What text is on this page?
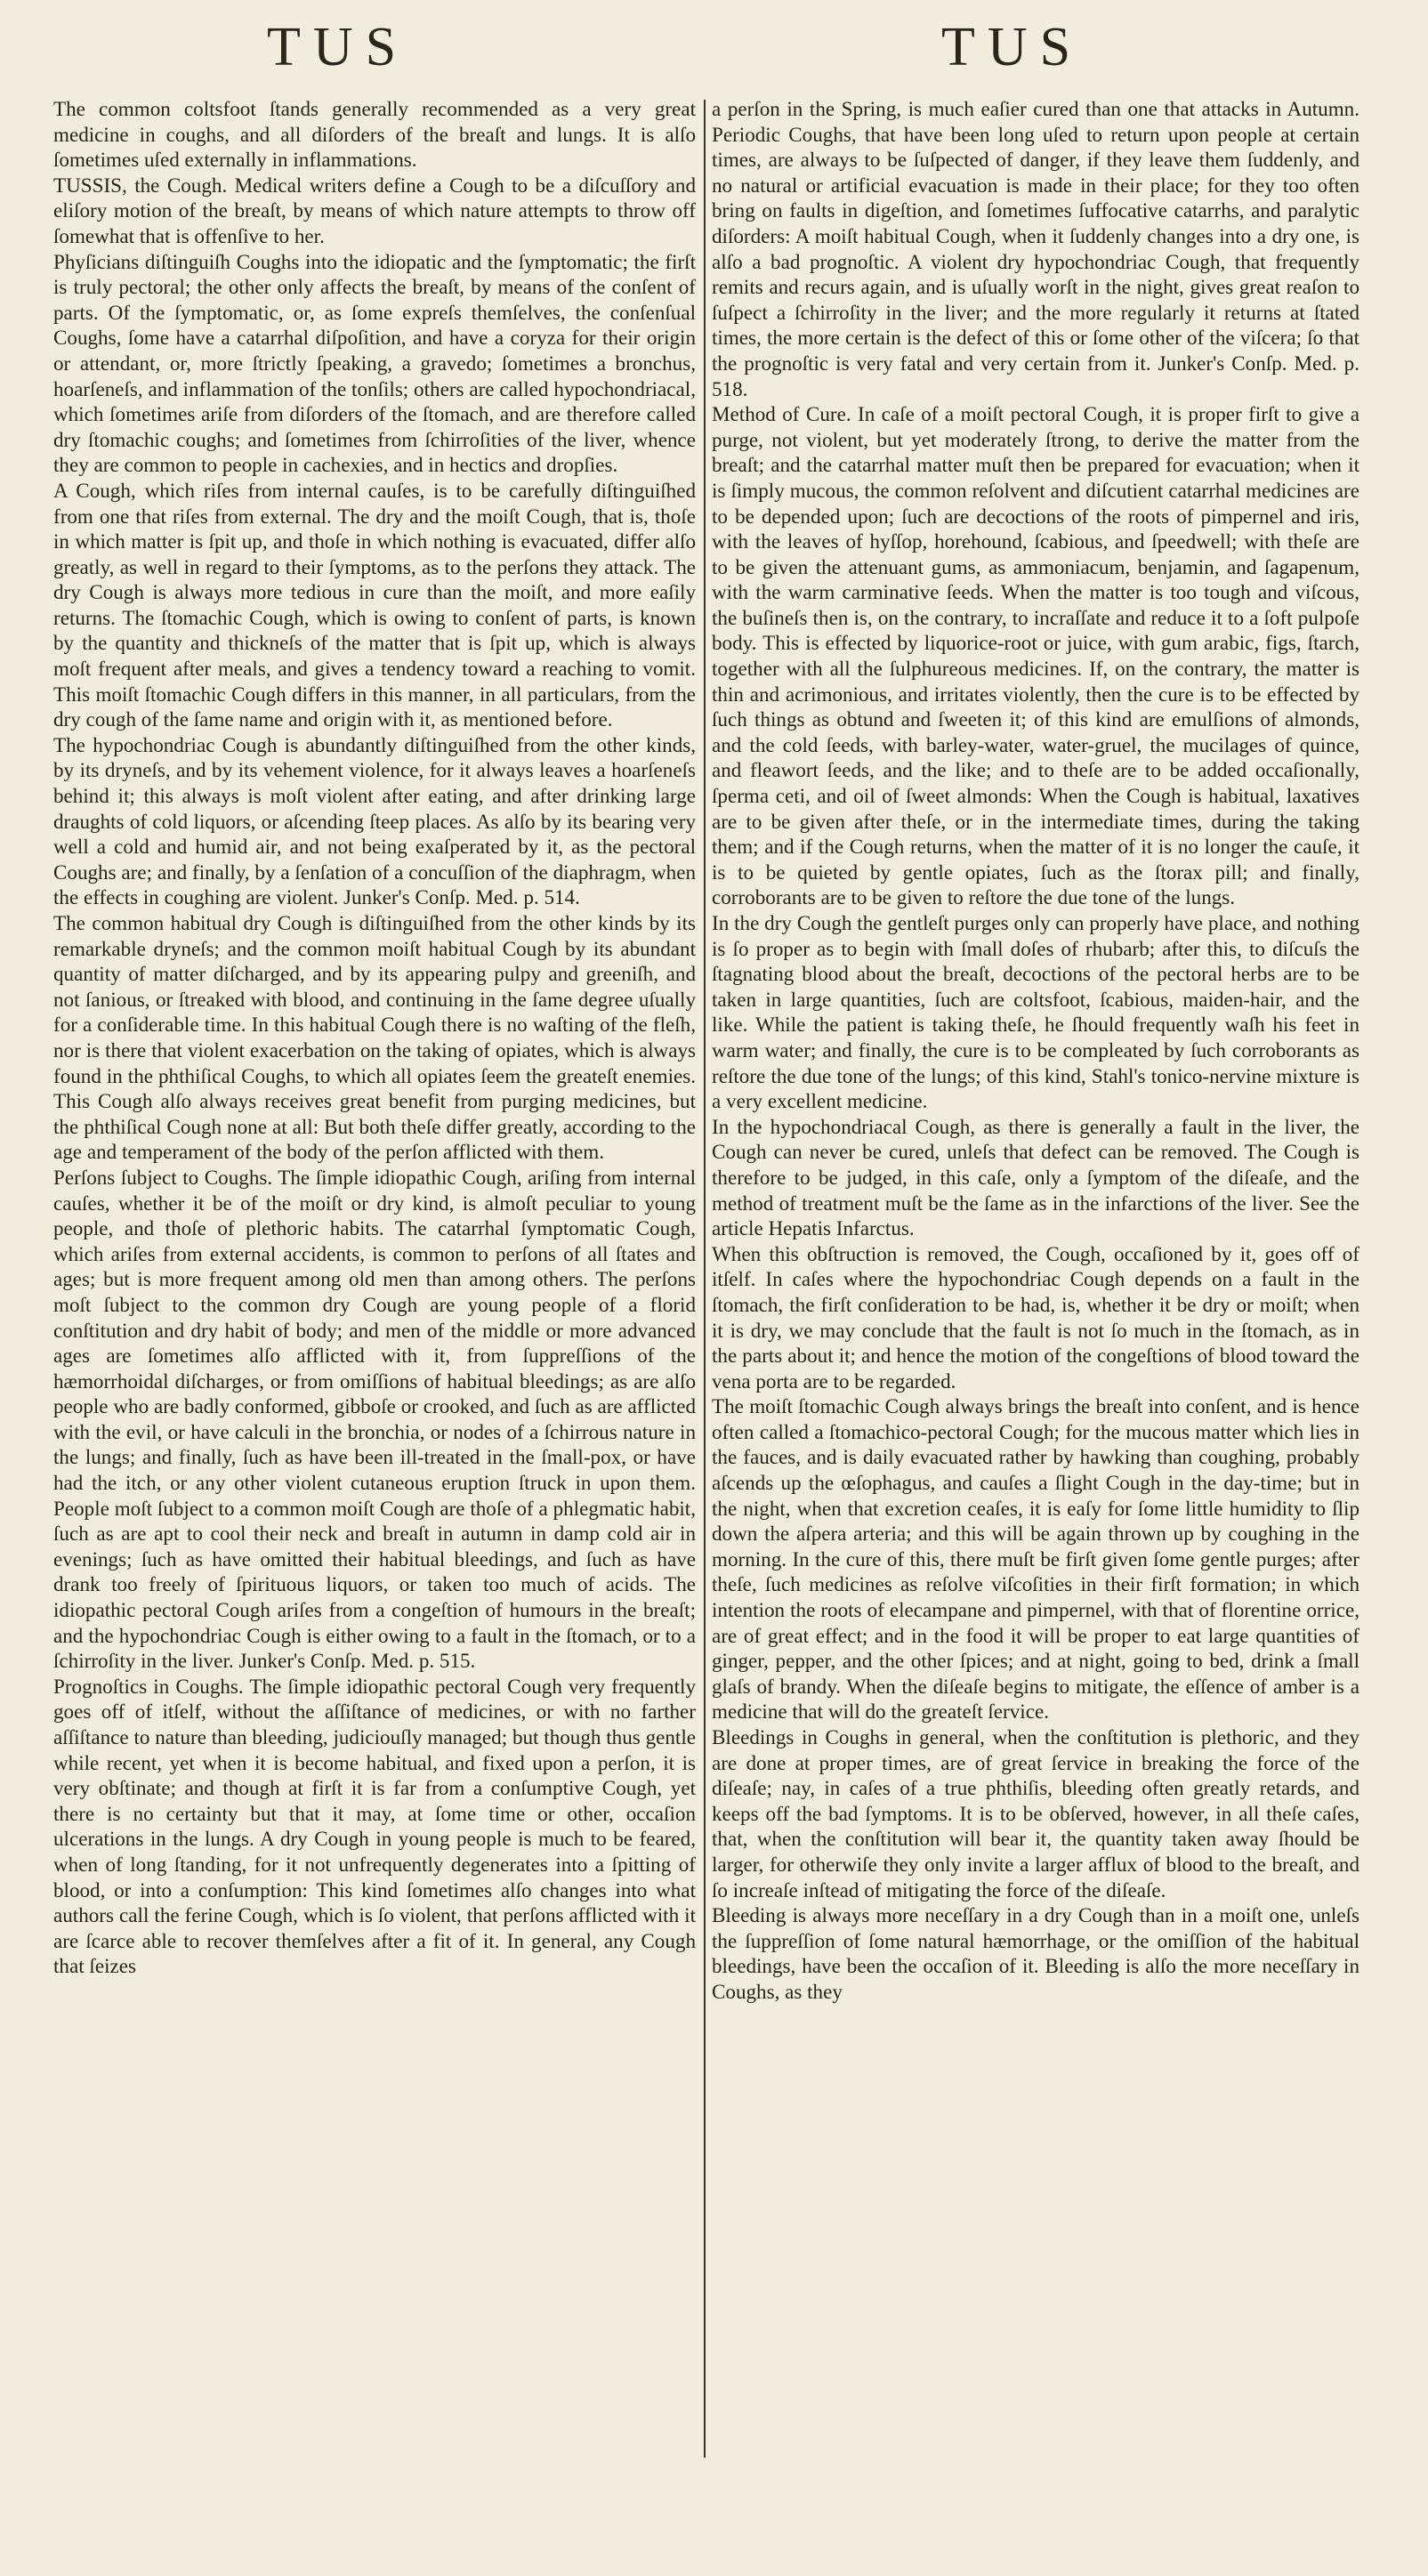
TUS	TUS

The common coltsfoot ſtands generally recommended as a very great medicine in coughs, and all diſorders of the breaſt and lungs. It is alſo ſometimes uſed externally in inflammations.

TUSSIS, the Cough. Medical writers define a Cough to be a diſcuſſory and eliſory motion of the breaſt, by means of which nature attempts to throw off ſomewhat that is offenſive to her.

Phyſicians diſtinguiſh Coughs into the idiopatic and the ſymptomatic; the firſt is truly pectoral; the other only affects the breaſt, by means of the conſent of parts. Of the ſymptomatic, or, as ſome expreſs themſelves, the conſenſual Coughs, ſome have a catarrhal diſpoſition, and have a coryza for their origin or attendant, or, more ſtrictly ſpeaking, a gravedo; ſometimes a bronchus, hoarſeneſs, and inflammation of the tonſils; others are called hypochondriacal, which ſometimes ariſe from diſorders of the ſtomach, and are therefore called dry ſtomachic coughs; and ſometimes from ſchirroſities of the liver, whence they are common to people in cachexies, and in hectics and dropſies.

A Cough, which riſes from internal cauſes, is to be carefully diſtinguiſhed from one that riſes from external. The dry and the moiſt Cough, that is, thoſe in which matter is ſpit up, and thoſe in which nothing is evacuated, differ alſo greatly, as well in regard to their ſymptoms, as to the perſons they attack. The dry Cough is always more tedious in cure than the moiſt, and more eaſily returns. The ſtomachic Cough, which is owing to conſent of parts, is known by the quantity and thickneſs of the matter that is ſpit up, which is always moſt frequent after meals, and gives a tendency toward a reaching to vomit. This moiſt ſtomachic Cough differs in this manner, in all particulars, from the dry cough of the ſame name and origin with it, as mentioned before.

The hypochondriac Cough is abundantly diſtinguiſhed from the other kinds, by its dryneſs, and by its vehement violence, for it always leaves a hoarſeneſs behind it; this always is moſt violent after eating, and after drinking large draughts of cold liquors, or aſcending ſteep places. As alſo by its bearing very well a cold and humid air, and not being exaſperated by it, as the pectoral Coughs are; and finally, by a ſenſation of a concuſſion of the diaphragm, when the effects in coughing are violent. Junker's Conſp. Med. p. 514.

The common habitual dry Cough is diſtinguiſhed from the other kinds by its remarkable dryneſs; and the common moiſt habitual Cough by its abundant quantity of matter diſcharged, and by its appearing pulpy and greeniſh, and not ſanious, or ſtreaked with blood, and continuing in the ſame degree uſually for a conſiderable time. In this habitual Cough there is no waſting of the fleſh, nor is there that violent exacerbation on the taking of opiates, which is always found in the phthiſical Coughs, to which all opiates ſeem the greateſt enemies. This Cough alſo always receives great benefit from purging medicines, but the phthiſical Cough none at all: But both theſe differ greatly, according to the age and temperament of the body of the perſon afflicted with them.

Perſons ſubject to Coughs. The ſimple idiopathic Cough, ariſing from internal cauſes, whether it be of the moiſt or dry kind, is almoſt peculiar to young people, and thoſe of plethoric habits. The catarrhal ſymptomatic Cough, which ariſes from external accidents, is common to perſons of all ſtates and ages; but is more frequent among old men than among others. The perſons moſt ſubject to the common dry Cough are young people of a florid conſtitution and dry habit of body; and men of the middle or more advanced ages are ſometimes alſo afflicted with it, from ſuppreſſions of the hæmorrhoidal diſcharges, or from omiſſions of habitual bleedings; as are alſo people who are badly conformed, gibboſe or crooked, and ſuch as are afflicted with the evil, or have calculi in the bronchia, or nodes of a ſchirrous nature in the lungs; and finally, ſuch as have been ill-treated in the ſmall-pox, or have had the itch, or any other violent cutaneous eruption ſtruck in upon them. People moſt ſubject to a common moiſt Cough are thoſe of a phlegmatic habit, ſuch as are apt to cool their neck and breaſt in autumn in damp cold air in evenings; ſuch as have omitted their habitual bleedings, and ſuch as have drank too freely of ſpirituous liquors, or taken too much of acids. The idiopathic pectoral Cough ariſes from a congeſtion of humours in the breaſt; and the hypochondriac Cough is either owing to a fault in the ſtomach, or to a ſchirroſity in the liver. Junker's Conſp. Med. p. 515.

Prognoſtics in Coughs. The ſimple idiopathic pectoral Cough very frequently goes off of itſelf, without the aſſiſtance of medicines, or with no farther aſſiſtance to nature than bleeding, judiciouſly managed; but though thus gentle while recent, yet when it is become habitual, and fixed upon a perſon, it is very obſtinate; and though at firſt it is far from a conſumptive Cough, yet there is no certainty but that it may, at ſome time or other, occaſion ulcerations in the lungs. A dry Cough in young people is much to be feared, when of long ſtanding, for it not unfrequently degenerates into a ſpitting of blood, or into a conſumption: This kind ſometimes alſo changes into what authors call the ferine Cough, which is ſo violent, that perſons afflicted with it are ſcarce able to recover themſelves after a fit of it. In general, any Cough that ſeizes

a perſon in the Spring, is much eaſier cured than one that attacks in Autumn. Periodic Coughs, that have been long uſed to return upon people at certain times, are always to be ſuſpected of danger, if they leave them ſuddenly, and no natural or artificial evacuation is made in their place; for they too often bring on faults in digeſtion, and ſometimes ſuffocative catarrhs, and paralytic diſorders: A moiſt habitual Cough, when it ſuddenly changes into a dry one, is alſo a bad prognoſtic. A violent dry hypochondriac Cough, that frequently remits and recurs again, and is uſually worſt in the night, gives great reaſon to ſuſpect a ſchirroſity in the liver; and the more regularly it returns at ſtated times, the more certain is the defect of this or ſome other of the viſcera; ſo that the prognoſtic is very fatal and very certain from it. Junker's Conſp. Med. p. 518.

Method of Cure. In caſe of a moiſt pectoral Cough, it is proper firſt to give a purge, not violent, but yet moderately ſtrong, to derive the matter from the breaſt; and the catarrhal matter muſt then be prepared for evacuation; when it is ſimply mucous, the common reſolvent and diſcutient catarrhal medicines are to be depended upon; ſuch are decoctions of the roots of pimpernel and iris, with the leaves of hyſſop, horehound, ſcabious, and ſpeedwell; with theſe are to be given the attenuant gums, as ammoniacum, benjamin, and ſagapenum, with the warm carminative ſeeds. When the matter is too tough and viſcous, the buſineſs then is, on the contrary, to incraſſate and reduce it to a ſoft pulpoſe body. This is effected by liquorice-root or juice, with gum arabic, figs, ſtarch, together with all the ſulphureous medicines. If, on the contrary, the matter is thin and acrimonious, and irritates violently, then the cure is to be effected by ſuch things as obtund and ſweeten it; of this kind are emulſions of almonds, and the cold ſeeds, with barley-water, water-gruel, the mucilages of quince, and fleawort ſeeds, and the like; and to theſe are to be added occaſionally, ſperma ceti, and oil of ſweet almonds: When the Cough is habitual, laxatives are to be given after theſe, or in the intermediate times, during the taking them; and if the Cough returns, when the matter of it is no longer the cauſe, it is to be quieted by gentle opiates, ſuch as the ſtorax pill; and finally, corroborants are to be given to reſtore the due tone of the lungs.

In the dry Cough the gentleſt purges only can properly have place, and nothing is ſo proper as to begin with ſmall doſes of rhubarb; after this, to diſcuſs the ſtagnating blood about the breaſt, decoctions of the pectoral herbs are to be taken in large quantities, ſuch are coltsfoot, ſcabious, maiden-hair, and the like. While the patient is taking theſe, he ſhould frequently waſh his feet in warm water; and finally, the cure is to be compleated by ſuch corroborants as reſtore the due tone of the lungs; of this kind, Stahl's tonico-nervine mixture is a very excellent medicine.

In the hypochondriacal Cough, as there is generally a fault in the liver, the Cough can never be cured, unleſs that defect can be removed. The Cough is therefore to be judged, in this caſe, only a ſymptom of the diſeaſe, and the method of treatment muſt be the ſame as in the infarctions of the liver. See the article Hepatis Infarctus.

When this obſtruction is removed, the Cough, occaſioned by it, goes off of itſelf. In caſes where the hypochondriac Cough depends on a fault in the ſtomach, the firſt conſideration to be had, is, whether it be dry or moiſt; when it is dry, we may conclude that the fault is not ſo much in the ſtomach, as in the parts about it; and hence the motion of the congeſtions of blood toward the vena porta are to be regarded.

The moiſt ſtomachic Cough always brings the breaſt into conſent, and is hence often called a ſtomachico-pectoral Cough; for the mucous matter which lies in the fauces, and is daily evacuated rather by hawking than coughing, probably aſcends up the œſophagus, and cauſes a ſlight Cough in the day-time; but in the night, when that excretion ceaſes, it is eaſy for ſome little humidity to ſlip down the aſpera arteria; and this will be again thrown up by coughing in the morning. In the cure of this, there muſt be firſt given ſome gentle purges; after theſe, ſuch medicines as reſolve viſcoſities in their firſt formation; in which intention the roots of elecampane and pimpernel, with that of florentine orrice, are of great effect; and in the food it will be proper to eat large quantities of ginger, pepper, and the other ſpices; and at night, going to bed, drink a ſmall glaſs of brandy. When the diſeaſe begins to mitigate, the eſſence of amber is a medicine that will do the greateſt ſervice.

Bleedings in Coughs in general, when the conſtitution is plethoric, and they are done at proper times, are of great ſervice in breaking the force of the diſeaſe; nay, in caſes of a true phthiſis, bleeding often greatly retards, and keeps off the bad ſymptoms. It is to be obſerved, however, in all theſe caſes, that, when the conſtitution will bear it, the quantity taken away ſhould be larger, for otherwiſe they only invite a larger afflux of blood to the breaſt, and ſo increaſe inſtead of mitigating the force of the diſeaſe.

Bleeding is always more neceſſary in a dry Cough than in a moiſt one, unleſs the ſuppreſſion of ſome natural hæmorrhage, or the omiſſion of the habitual bleedings, have been the occaſion of it. Bleeding is alſo the more neceſſary in Coughs, as they
